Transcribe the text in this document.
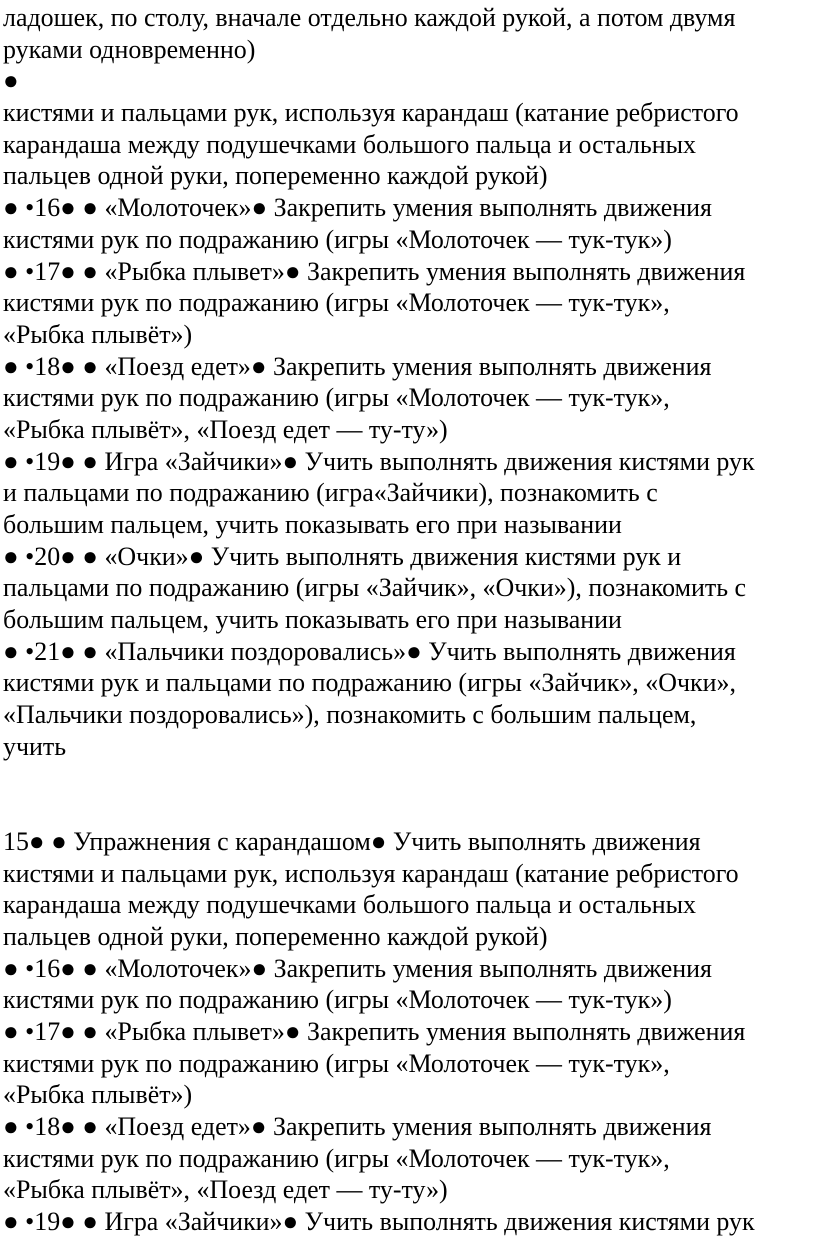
ладошек, по столу, вначале отдельно каждой рукой, а потом двумя
руками одновременно)
●
кистями и пальцами рук, используя карандаш (катание ребристого
карандаша между подушечками большого пальца и остальных
пальцев одной руки, попеременно каждой рукой)
● •16● ● «Молоточек»● Закрепить умения выполнять движения
кистями рук по подражанию (игры «Молоточек — тук-тук»)
● •17● ● «Рыбка плывет»● Закрепить умения выполнять движения
кистями рук по подражанию (игры «Молоточек — тук-тук»,
«Рыбка плывёт»)
● •18● ● «Поезд едет»● Закрепить умения выполнять движения
кистями рук по подражанию (игры «Молоточек — тук-тук»,
«Рыбка плывёт», «Поезд едет — ту-ту»)
● •19● ● Игра «Зайчики»● Учить выполнять движения кистями рук
и пальцами по подражанию (игра«Зайчики), познакомить с
большим пальцем, учить показывать его при назывании
● •20● ● «Очки»● Учить выполнять движения кистями рук и
пальцами по подражанию (игры «Зайчик», «Очки»), познакомить с
большим пальцем, учить показывать его при назывании
● •21● ● «Пальчики поздоровались»● Учить выполнять движения
кистями рук и пальцами по подражанию (игры «Зайчик», «Очки»,
«Пальчики поздоровались»), познакомить с большим пальцем,
учить
15● ● Упражнения с карандашом● Учить выполнять движения
кистями и пальцами рук, используя карандаш (катание ребристого
карандаша между подушечками большого пальца и остальных
пальцев одной руки, попеременно каждой рукой)
● •16● ● «Молоточек»● Закрепить умения выполнять движения
кистями рук по подражанию (игры «Молоточек — тук-тук»)
● •17● ● «Рыбка плывет»● Закрепить умения выполнять движения
кистями рук по подражанию (игры «Молоточек — тук-тук»,
«Рыбка плывёт»)
● •18● ● «Поезд едет»● Закрепить умения выполнять движения
кистями рук по подражанию (игры «Молоточек — тук-тук»,
«Рыбка плывёт», «Поезд едет — ту-ту»)
● •19● ● Игра «Зайчики»● Учить выполнять движения кистями рук
